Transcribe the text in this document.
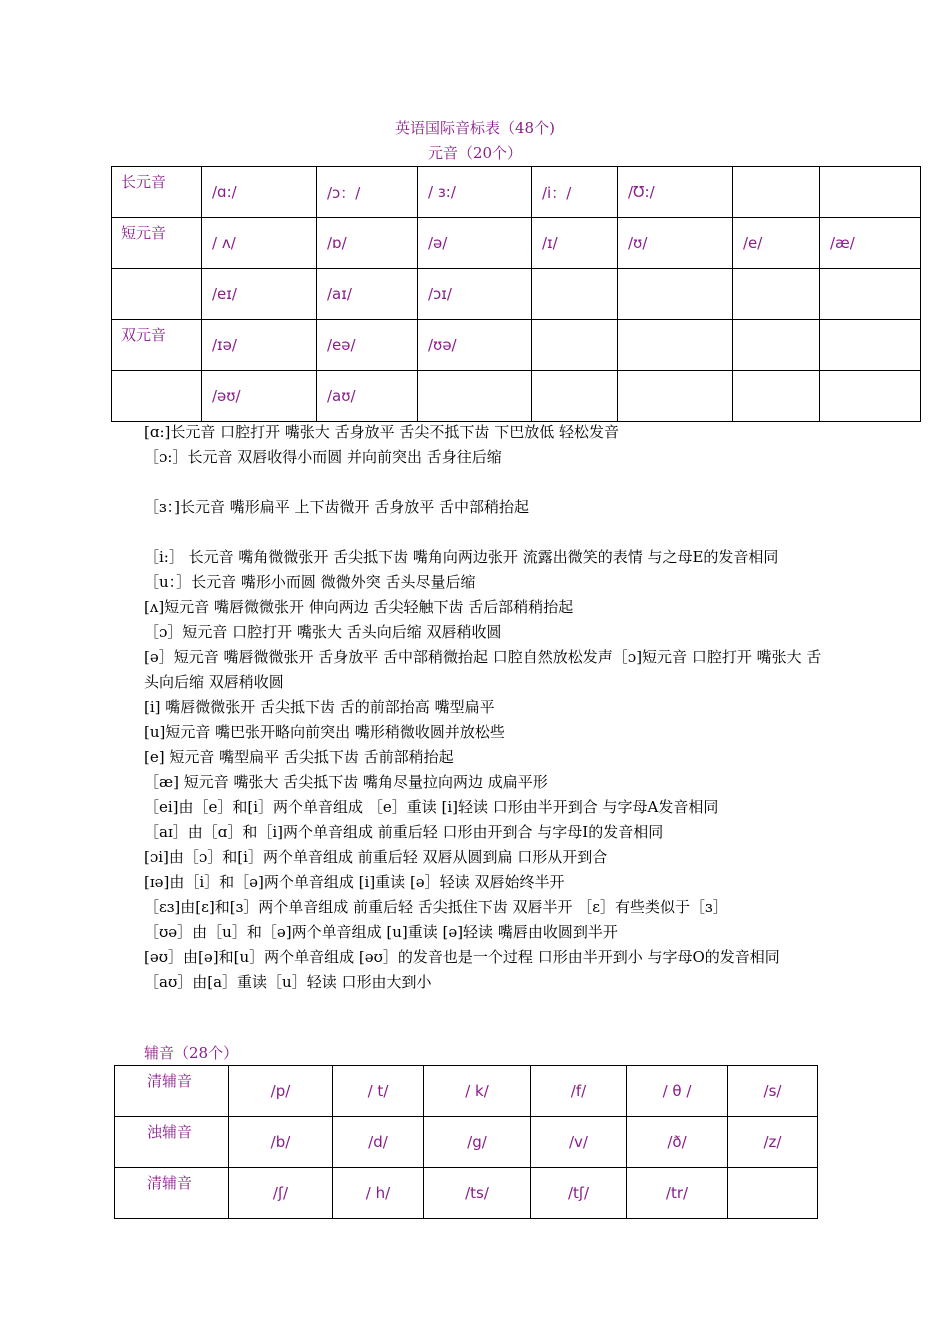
英语国际音标表（48个)
元音（20个）
长元音	/ɑ:/	/ɔ：/	/ ɜ:/	/i：/	/Ʊ:/		
短元音	/ ʌ/	/ɒ/	/ə/	/ɪ/	/ʊ/	/e/	/æ/
	/eɪ/	/aɪ/	/ɔɪ/				
双元音	/ɪə/	/eə/	/ʊə/				
	/əʊ/	/aʊ/					

[ɑ:]长元音 口腔打开 嘴张大 舌身放平 舌尖不抵下齿 下巴放低 轻松发音

［ɔ:］长元音 双唇收得小而圆 并向前突出 舌身往后缩

［ɜ：]长元音 嘴形扁平 上下齿微开 舌身放平 舌中部稍抬起

［i:］ 长元音 嘴角微微张开 舌尖抵下齿 嘴角向两边张开 流露出微笑的表情 与之母E的发音相同

［u：］长元音 嘴形小而圆 微微外突 舌头尽量后缩

[ʌ]短元音 嘴唇微微张开 伸向两边 舌尖轻触下齿 舌后部稍稍抬起

［ɔ］短元音 口腔打开 嘴张大 舌头向后缩 双唇稍收圆

[ə］短元音 嘴唇微微张开 舌身放平 舌中部稍微抬起 口腔自然放松发声［ɔ]短元音 口腔打开 嘴张大 舌头向后缩 双唇稍收圆

[i] 嘴唇微微张开 舌尖抵下齿 舌的前部抬高 嘴型扁平

[u]短元音 嘴巴张开略向前突出 嘴形稍微收圆并放松些

[e] 短元音 嘴型扁平 舌尖抵下齿 舌前部稍抬起

［æ] 短元音 嘴张大 舌尖抵下齿 嘴角尽量拉向两边 成扁平形

［ei]由［e］和[i］两个单音组成 ［e］重读 [i]轻读 口形由半开到合 与字母A发音相同

［aɪ］由［ɑ］和［i]两个单音组成 前重后轻 口形由开到合 与字母I的发音相同

[ɔi]由［ɔ］和[i］两个单音组成 前重后轻 双唇从圆到扁 口形从开到合

[ɪə]由［i］和［ə]两个单音组成 [i]重读 [ə］轻读 双唇始终半开

［ɛɜ]由[ɛ]和[ɜ］两个单音组成 前重后轻 舌尖抵住下齿 双唇半开 ［ɛ］有些类似于［ɜ］

［ʊə］由［u］和［ə]两个单音组成 [u]重读 [ə]轻读 嘴唇由收圆到半开

[əʊ］由[ə]和[u］两个单音组成 [əʊ］的发音也是一个过程 口形由半开到小 与字母O的发音相同

［aʊ］由[a］重读［u］轻读 口形由大到小

辅音（28个）
清辅音	/p/	/ t/	/ k/	/f/	/ θ /	/s/
浊辅音	/b/	/d/	/g/	/v/	/ð/	/z/
清辅音	/ʃ/	/ h/	/ts/	/tʃ/	/tr/	
